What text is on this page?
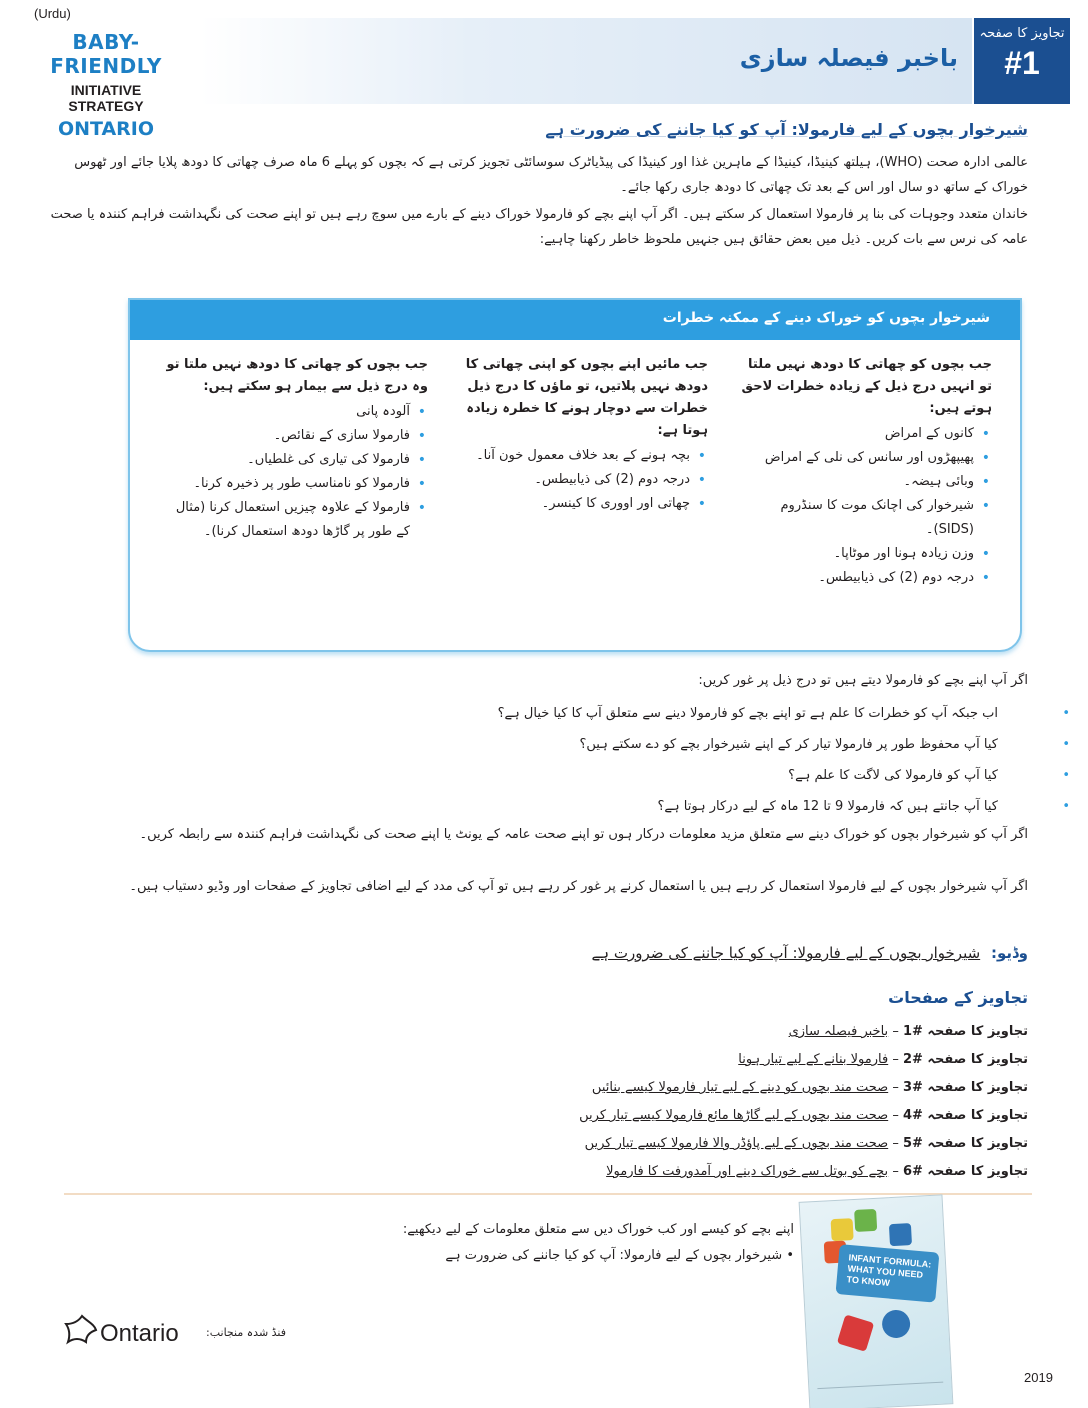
(Urdu)
BABY-FRIENDLY
INITIATIVE STRATEGY
ONTARIO
باخبر فیصلہ سازی
تجاویز کا صفحہ
#1
شیرخوار بچوں کے لیے فارمولا: آپ کو کیا جاننے کی ضرورت ہے

عالمی ادارہ صحت (WHO)، ہیلتھ کینیڈا، کینیڈا کے ماہرین غذا اور کینیڈا کی پیڈیاٹرک سوسائٹی تجویز کرتی ہے کہ بچوں کو پہلے 6 ماہ صرف چھاتی کا دودھ پلایا جائے اور ٹھوس خوراک کے ساتھ دو سال اور اس کے بعد تک چھاتی کا دودھ جاری رکھا جائے۔

خاندان متعدد وجوہات کی بنا پر فارمولا استعمال کر سکتے ہیں۔ اگر آپ اپنے بچے کو فارمولا خوراک دینے کے بارے میں سوچ رہے ہیں تو اپنے صحت کی نگہداشت فراہم کنندہ یا صحت عامہ کی نرس سے بات کریں۔ ذیل میں بعض حقائق ہیں جنہیں ملحوظ خاطر رکھنا چاہیے:

شیرخوار بچوں کو خوراک دینے کے ممکنہ خطرات
جب بچوں کو چھاتی کا دودھ نہیں ملتا تو انہیں درج ذیل کے زیادہ خطرات لاحق ہوتے ہیں:
• کانوں کے امراض
• پھیپھڑوں اور سانس کی نلی کے امراض
• وبائی ہیضہ۔
• شیرخوار کی اچانک موت کا سنڈروم (SIDS)۔
• وزن زیادہ ہونا اور موٹاپا۔
• درجہ دوم (2) کی ذیابیطس۔
جب مائیں اپنے بچوں کو اپنی چھاتی کا دودھ نہیں پلاتیں، تو ماؤں کا درج ذیل خطرات سے دوچار ہونے کا خطرہ زیادہ ہوتا ہے:
• بچہ ہونے کے بعد خلاف معمول خون آنا۔
• درجہ دوم (2) کی ذیابیطس۔
• چھاتی اور اووری کا کینسر۔
جب بچوں کو چھاتی کا دودھ نہیں ملتا تو وہ درج ذیل سے بیمار ہو سکتے ہیں:
• آلودہ پانی
• فارمولا سازی کے نقائص۔
• فارمولا کی تیاری کی غلطیاں۔
• فارمولا کو نامناسب طور پر ذخیرہ کرنا۔
• فارمولا کے علاوہ چیزیں استعمال کرنا (مثال کے طور پر گاڑھا دودھ استعمال کرنا)۔

اگر آپ اپنے بچے کو فارمولا دیتے ہیں تو درج ذیل پر غور کریں:

•
اب جبکہ آپ کو خطرات کا علم ہے تو اپنے بچے کو فارمولا دینے سے متعلق آپ کا کیا خیال ہے؟
•
کیا آپ محفوظ طور پر فارمولا تیار کر کے اپنے شیرخوار بچے کو دے سکتے ہیں؟
•
کیا آپ کو فارمولا کی لاگت کا علم ہے؟
•
کیا آپ جانتے ہیں کہ فارمولا 9 تا 12 ماہ کے لیے درکار ہوتا ہے؟

اگر آپ کو شیرخوار بچوں کو خوراک دینے سے متعلق مزید معلومات درکار ہوں تو اپنے صحت عامہ کے یونٹ یا اپنے صحت کی نگہداشت فراہم کنندہ سے رابطہ کریں۔

اگر آپ شیرخوار بچوں کے لیے فارمولا استعمال کر رہے ہیں یا استعمال کرنے پر غور کر رہے ہیں تو آپ کی مدد کے لیے اضافی تجاویز کے صفحات اور وڈیو دستیاب ہیں۔

وڈیو: شیرخوار بچوں کے لیے فارمولا: آپ کو کیا جاننے کی ضرورت ہے
تجاویز کے صفحات
تجاویز کا صفحہ #1 – باخبر فیصلہ سازی
تجاویز کا صفحہ #2 – فارمولا بنانے کے لیے تیار ہونا
تجاویز کا صفحہ #3 – صحت مند بچوں کو دینے کے لیے تیار فارمولا کیسے بنائیں
تجاویز کا صفحہ #4 – صحت مند بچوں کے لیے گاڑھا مائع فارمولا کیسے تیار کریں
تجاویز کا صفحہ #5 – صحت مند بچوں کے لیے پاؤڈر والا فارمولا کیسے تیار کریں
تجاویز کا صفحہ #6 – بچے کو بوتل سے خوراک دینے اور آمدورفت کا فارمولا

اپنے بچے کو کیسے اور کب خوراک دیں سے متعلق معلومات کے لیے دیکھیے:

• شیرخوار بچوں کے لیے فارمولا: آپ کو کیا جاننے کی ضرورت ہے	INFANT FORMULA: WHAT YOU NEED TO KNOW
فنڈ شدہ منجانب:
Ontario
2019
